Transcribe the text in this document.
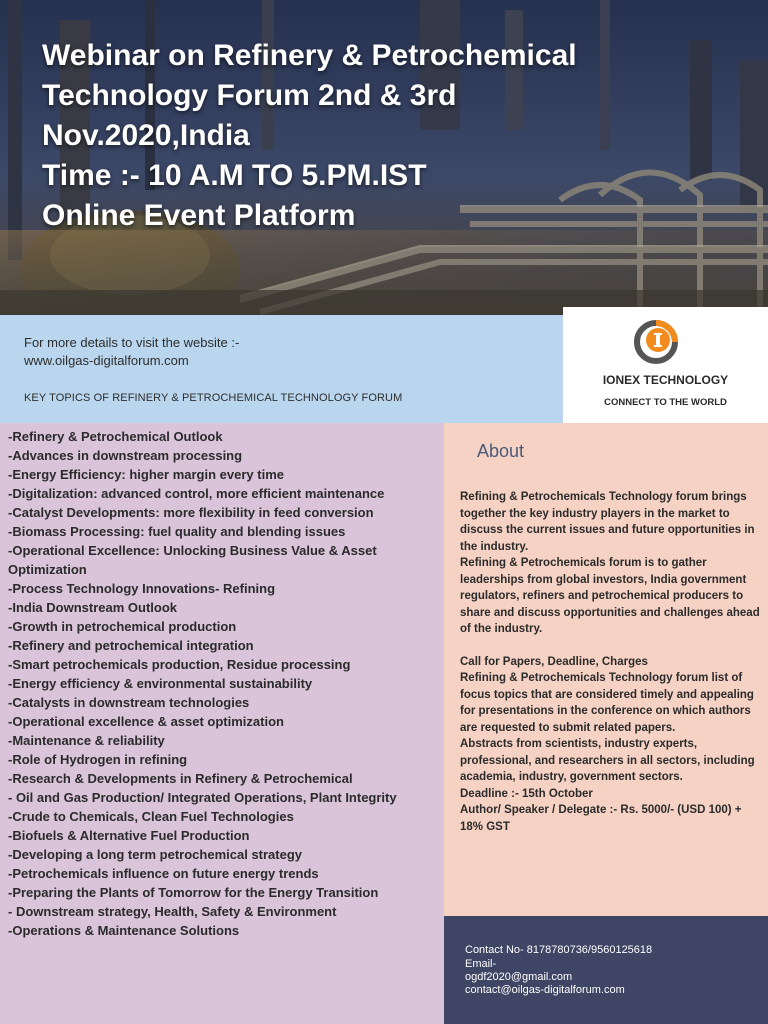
Webinar on Refinery & Petrochemical
Technology Forum 2nd & 3rd
Nov.2020,India
Time :- 10 A.M TO 5.PM.IST
Online Event Platform
For more details to visit the website :-
www.oilgas-digitalforum.com
KEY TOPICS OF REFINERY & PETROCHEMICAL TECHNOLOGY FORUM
IONEX TECHNOLOGY
CONNECT TO THE WORLD
-Refinery & Petrochemical Outlook
-Advances in downstream processing
-Energy Efficiency: higher margin every time
-Digitalization: advanced control, more efficient maintenance
-Catalyst Developments: more flexibility in feed conversion
-Biomass Processing: fuel quality and blending issues
-Operational Excellence: Unlocking Business Value & Asset Optimization
-Process Technology Innovations- Refining
-India Downstream Outlook
-Growth in petrochemical production
-Refinery and petrochemical integration
-Smart petrochemicals production, Residue processing
-Energy efficiency & environmental sustainability
-Catalysts in downstream technologies
-Operational excellence & asset optimization
-Maintenance & reliability
-Role of Hydrogen in refining
-Research & Developments in Refinery & Petrochemical
- Oil and Gas Production/ Integrated Operations, Plant Integrity
-Crude to Chemicals, Clean Fuel Technologies
-Biofuels & Alternative Fuel Production
-Developing a long term petrochemical strategy
-Petrochemicals influence on future energy trends
-Preparing the Plants of Tomorrow for the Energy Transition
- Downstream strategy, Health, Safety & Environment
-Operations & Maintenance Solutions
About
Refining & Petrochemicals Technology forum brings together the key industry players in the market to discuss the current issues and future opportunities in the industry.
Refining & Petrochemicals forum is to gather leaderships from global investors, India government regulators, refiners and petrochemical producers to share and discuss opportunities and challenges ahead of the industry.
Call for Papers, Deadline, Charges
Refining & Petrochemicals Technology forum list of focus topics that are considered timely and appealing for presentations in the conference on which authors are requested to submit related papers.
Abstracts from scientists, industry experts, professional, and researchers in all sectors, including academia, industry, government sectors.
Deadline :- 15th October
Author/ Speaker / Delegate :- Rs. 5000/- (USD 100) + 18% GST
Contact No- 8178780736/9560125618
Email-
ogdf2020@gmail.com
contact@oilgas-digitalforum.com
